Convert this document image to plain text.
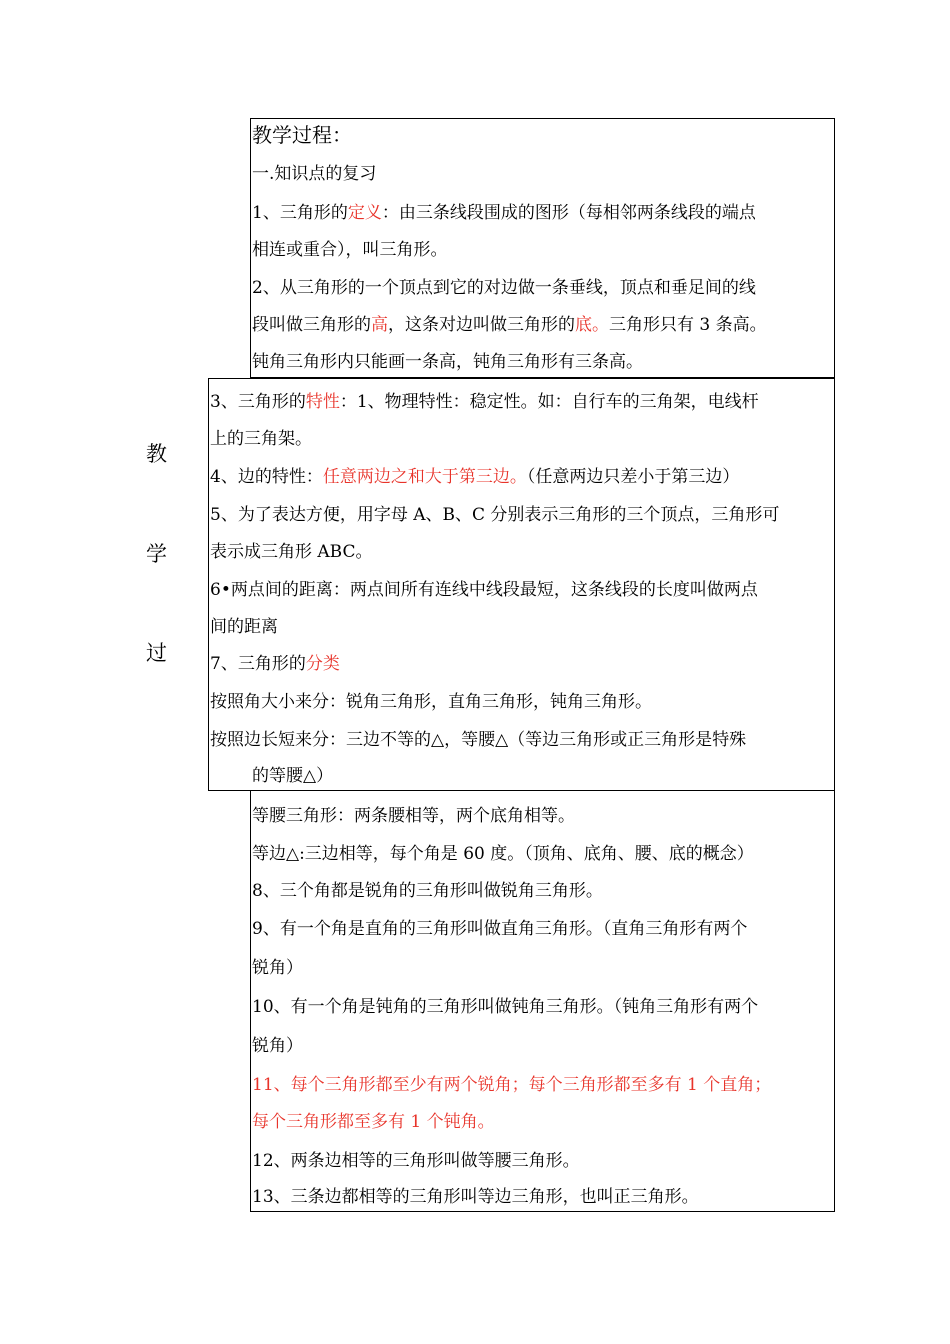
教
学
过
教学过程：
一.知识点的复习
1、三角形的定义：由三条线段围成的图形（每相邻两条线段的端点
相连或重合），叫三角形。
2、从三角形的一个顶点到它的对边做一条垂线，顶点和垂足间的线
段叫做三角形的高，这条对边叫做三角形的底。三角形只有 3 条高。
钝角三角形内只能画一条高，钝角三角形有三条高。
3、三角形的特性：1、物理特性：稳定性。如：自行车的三角架，电线杆
上的三角架。
4、边的特性：任意两边之和大于第三边。（任意两边只差小于第三边）
5、为了表达方便，用字母 A、B、C 分别表示三角形的三个顶点，三角形可
表示成三角形 ABC。
6•两点间的距离：两点间所有连线中线段最短，这条线段的长度叫做两点
间的距离
7、三角形的分类
按照角大小来分：锐角三角形，直角三角形，钝角三角形。
按照边长短来分：三边不等的△，等腰△（等边三角形或正三角形是特殊
的等腰△）
等腰三角形：两条腰相等，两个底角相等。
等边△:三边相等，每个角是 60 度。（顶角、底角、腰、底的概念）
8、三个角都是锐角的三角形叫做锐角三角形。
9、有一个角是直角的三角形叫做直角三角形。（直角三角形有两个
锐角）
10、有一个角是钝角的三角形叫做钝角三角形。（钝角三角形有两个
锐角）
11、每个三角形都至少有两个锐角；每个三角形都至多有 1 个直角；
每个三角形都至多有 1 个钝角。
12、两条边相等的三角形叫做等腰三角形。
13、三条边都相等的三角形叫等边三角形，也叫正三角形。
